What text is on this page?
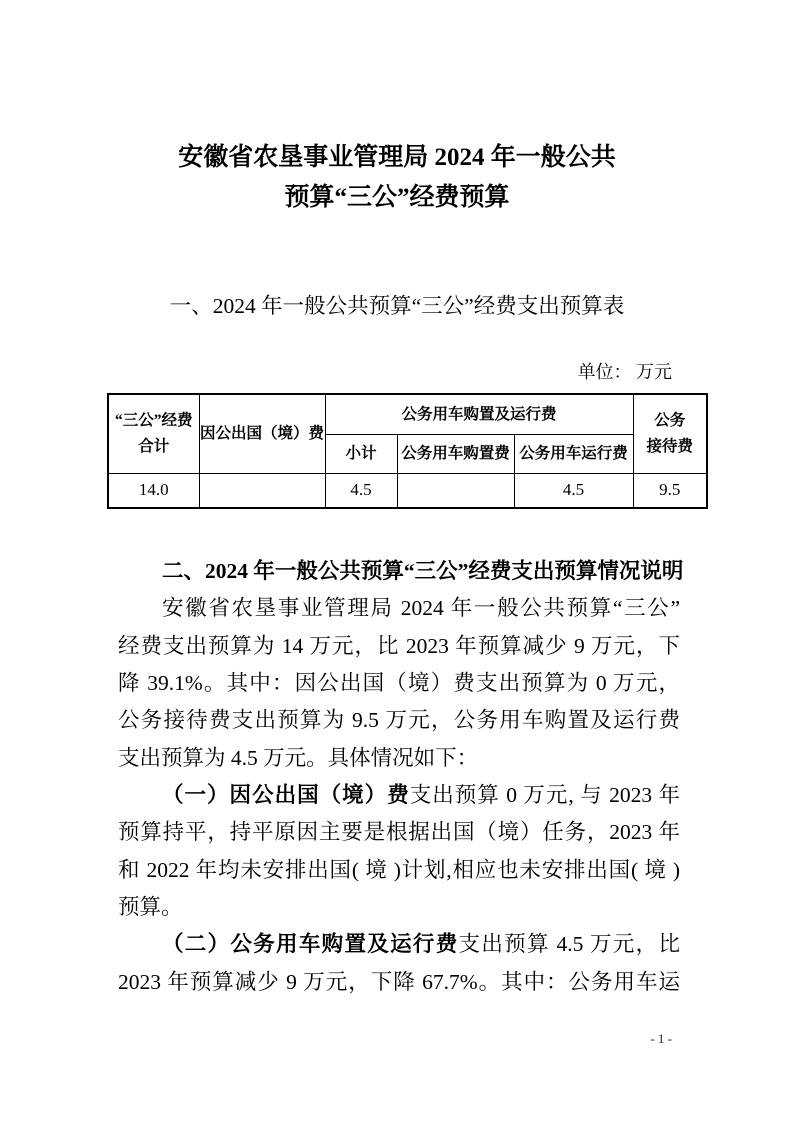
安徽省农垦事业管理局 2024 年一般公共
预算“三公”经费预算
一、2024 年一般公共预算“三公”经费支出预算表
单位： 万元
“三公”经费
合计	因公出国（境）费	公务用车购置及运行费			公务
接待费

		小计	公务用车购置费	公务用车运行费	
14.0		4.5		4.5	9.5
二、2024 年一般公共预算“三公”经费支出预算情况说明
安徽省农垦事业管理局 2024 年一般公共预算“三公”
经费支出预算为 14 万元，比 2023 年预算减少 9 万元，下
降 39.1%。其中：因公出国（境）费支出预算为 0 万元，
公务接待费支出预算为 9.5 万元，公务用车购置及运行费
支出预算为 4.5 万元。具体情况如下：
（一）因公出国（境）费支出预算 0 万元, 与 2023 年
预算持平，持平原因主要是根据出国（境）任务，2023 年
和 2022 年均未安排出国( 境 )计划,相应也未安排出国( 境 )
预算。
（二）公务用车购置及运行费支出预算 4.5 万元，比
2023 年预算减少 9 万元，下降 67.7%。其中：公务用车运
- 1 -
